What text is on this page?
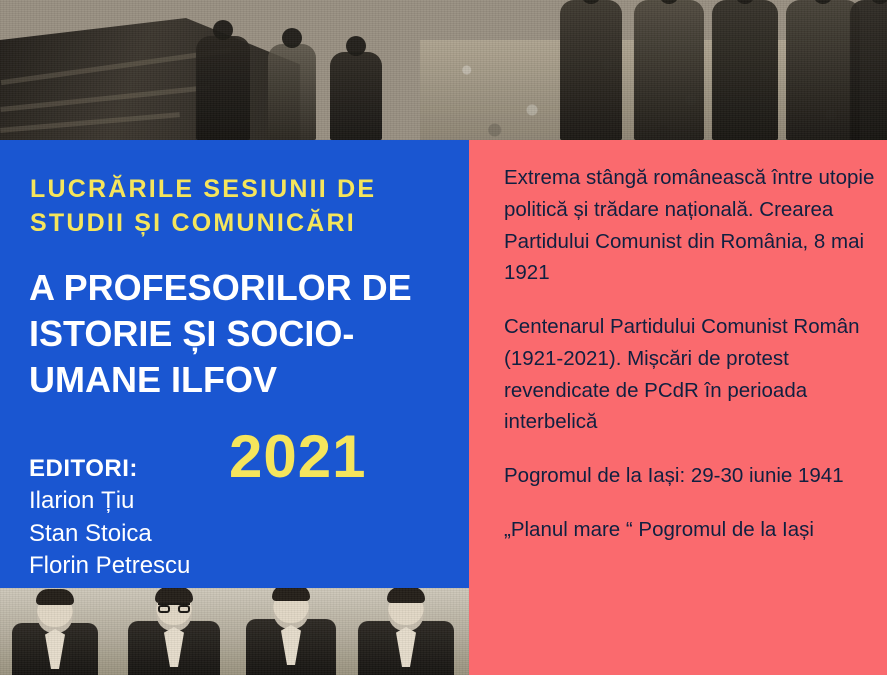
LUCRĂRILE SESIUNII DE STUDII ȘI COMUNICĂRI
A PROFESORILOR DE ISTORIE ȘI SOCIO-UMANE ILFOV
2021
EDITORI:
Ilarion Țiu
Stan Stoica
Florin Petrescu

Extrema stângă românească între utopie politică și trădare națională. Crearea Partidului Comunist din România, 8 mai 1921

Centenarul Partidului Comunist Român (1921-2021). Mișcări de protest revendicate de PCdR în perioada interbelică

Pogromul de la Iași: 29-30 iunie 1941

„Planul mare “ Pogromul de la Iași
